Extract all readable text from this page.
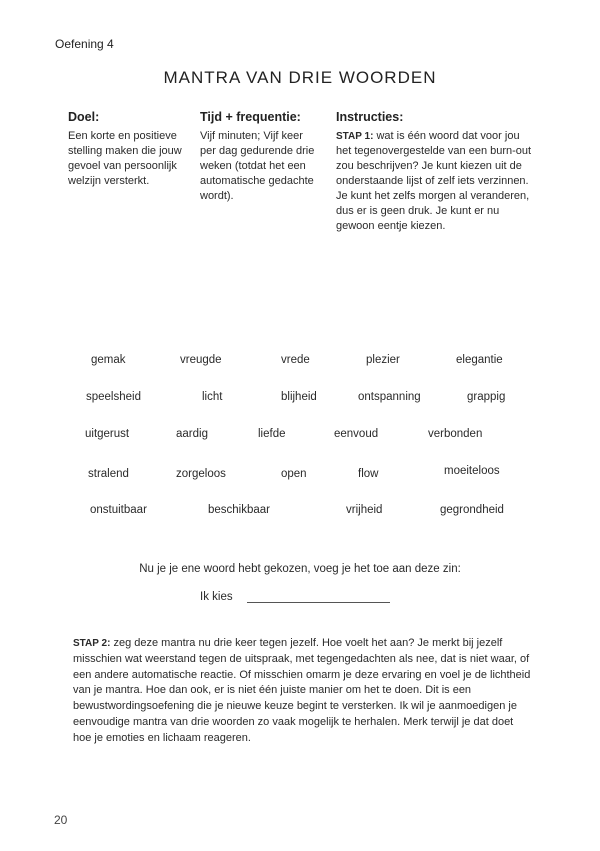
Oefening 4
MANTRA VAN DRIE WOORDEN
Doel:

Een korte en positieve stelling maken die jouw gevoel van persoonlijk welzijn versterkt.

Tijd + frequentie:

Vijf minuten; Vijf keer per dag gedurende drie weken (totdat het een automatische gedachte wordt).

Instructies:

STAP 1: wat is één woord dat voor jou het tegenovergestelde van een burn-out zou beschrijven? Je kunt kiezen uit de onderstaande lijst of zelf iets verzinnen. Je kunt het zelfs morgen al veranderen, dus er is geen druk. Je kunt er nu gewoon eentje kiezen.

gemak	vreugde	vrede	plezier	elegantie
speelsheid	licht	blijheid	ontspanning	grappig
uitgerust	aardig	liefde	eenvoud	verbonden
stralend	zorgeloos	open	flow	moeiteloos
onstuitbaar	beschikbaar	vrijheid	gegrondheid
Nu je je ene woord hebt gekozen, voeg je het toe aan deze zin:
Ik kies
STAP 2: zeg deze mantra nu drie keer tegen jezelf. Hoe voelt het aan? Je merkt bij jezelf misschien wat weerstand tegen de uitspraak, met tegengedachten als nee, dat is niet waar, of een andere automatische reactie. Of misschien omarm je deze ervaring en voel je de lichtheid van je mantra. Hoe dan ook, er is niet één juiste manier om het te doen. Dit is een bewustwordingsoefening die je nieuwe keuze begint te versterken. Ik wil je aanmoedigen je eenvoudige mantra van drie woorden zo vaak mogelijk te herhalen. Merk terwijl je dat doet hoe je emoties en lichaam reageren.
20
